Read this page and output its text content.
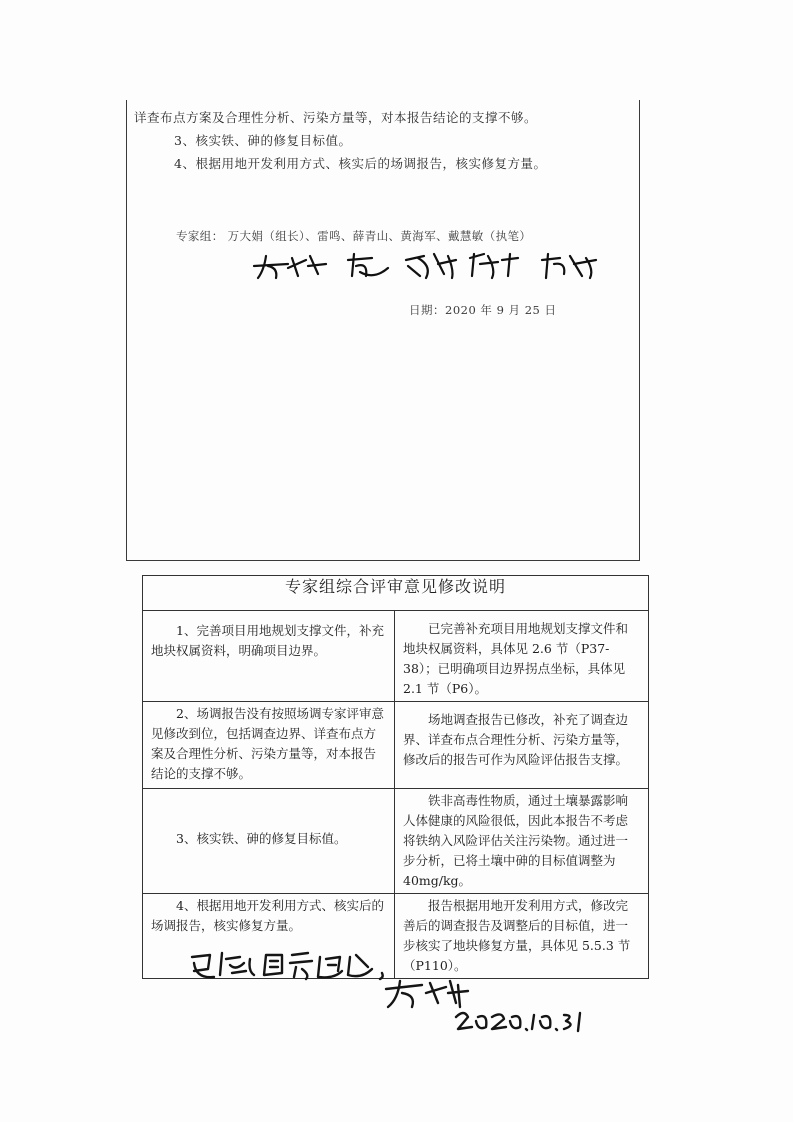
详查布点方案及合理性分析、污染方量等，对本报告结论的支撑不够。
3、核实铁、砷的修复目标值。
4、根据用地开发利用方式、核实后的场调报告，核实修复方量。
专家组： 万大娟（组长）、雷鸣、薛青山、黄海军、戴慧敏（执笔）
日期：2020 年 9 月 25 日
专家组综合评审意见修改说明	
1、完善项目用地规划支撑文件，补充地块权属资料，明确项目边界。	已完善补充项目用地规划支撑文件和地块权属资料，具体见 2.6 节（P37-38）；已明确项目边界拐点坐标，具体见 2.1 节（P6）。
2、场调报告没有按照场调专家评审意见修改到位，包括调查边界、详查布点方案及合理性分析、污染方量等，对本报告结论的支撑不够。	场地调查报告已修改，补充了调查边界、详查布点合理性分析、污染方量等，修改后的报告可作为风险评估报告支撑。
3、核实铁、砷的修复目标值。	铁非高毒性物质，通过土壤暴露影响人体健康的风险很低，因此本报告不考虑将铁纳入风险评估关注污染物。通过进一步分析，已将土壤中砷的目标值调整为 40mg/kg。
4、根据用地开发利用方式、核实后的场调报告，核实修复方量。	报告根据用地开发利用方式，修改完善后的调查报告及调整后的目标值，进一步核实了地块修复方量，具体见 5.5.3 节（P110）。
